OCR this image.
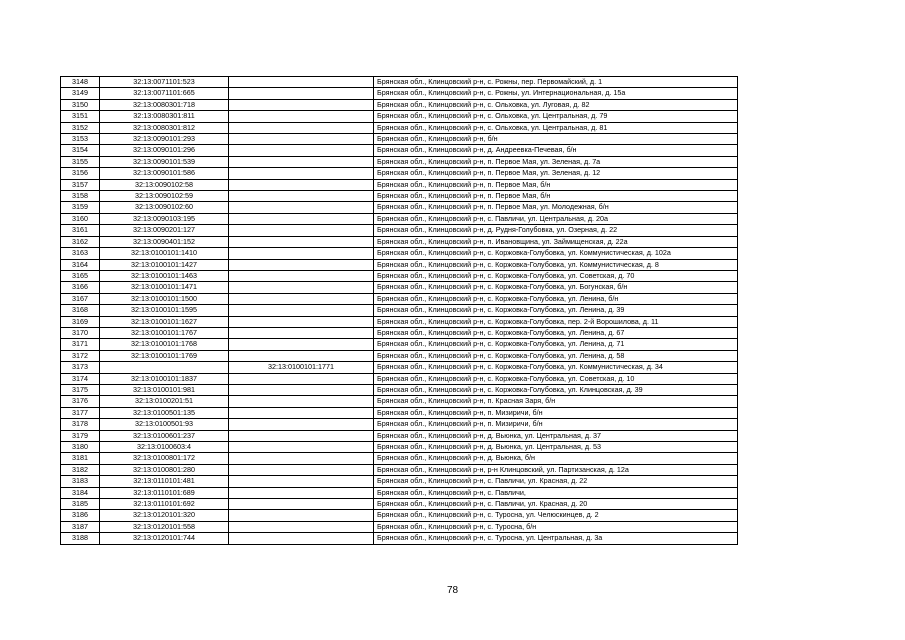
3148	32:13:0071101:523		Брянская обл., Клинцовский р-н, с. Рожны, пер. Первомайский, д. 1
3149	32:13:0071101:665		Брянская обл., Клинцовский р-н, с. Рожны, ул. Интернациональная, д. 15а
3150	32:13:0080301:718		Брянская обл., Клинцовский р-н, с. Ольховка, ул. Луговая, д. 82
3151	32:13:0080301:811		Брянская обл., Клинцовский р-н, с. Ольховка, ул. Центральная, д. 79
3152	32:13:0080301:812		Брянская обл., Клинцовский р-н, с. Ольховка, ул. Центральная, д. 81
3153	32:13:0090101:293		Брянская обл., Клинцовский р-н, б/н
3154	32:13:0090101:296		Брянская обл., Клинцовский р-н, д. Андреевка-Печевая, б/н
3155	32:13:0090101:539		Брянская обл., Клинцовский р-н, п. Первое Мая, ул. Зеленая, д. 7а
3156	32:13:0090101:586		Брянская обл., Клинцовский р-н, п. Первое Мая, ул. Зеленая, д. 12
3157	32:13:0090102:58		Брянская обл., Клинцовский р-н, п. Первое Мая, б/н
3158	32:13:0090102:59		Брянская обл., Клинцовский р-н, п. Первое Мая, б/н
3159	32:13:0090102:60		Брянская обл., Клинцовский р-н, п. Первое Мая, ул. Молодежная, б/н
3160	32:13:0090103:195		Брянская обл., Клинцовский р-н, с. Павличи, ул. Центральная, д. 20а
3161	32:13:0090201:127		Брянская обл., Клинцовский р-н, д. Рудня-Голубовка, ул. Озерная, д. 22
3162	32:13:0090401:152		Брянская обл., Клинцовский р-н, п. Ивановщина, ул. Займищенская, д. 22а
3163	32:13:0100101:1410		Брянская обл., Клинцовский р-н, с. Коржовка-Голубовка, ул. Коммунистическая, д. 102а
3164	32:13:0100101:1427		Брянская обл., Клинцовский р-н, с. Коржовка-Голубовка, ул. Коммунистическая, д. 8
3165	32:13:0100101:1463		Брянская обл., Клинцовский р-н, с. Коржовка-Голубовка, ул. Советская, д. 70
3166	32:13:0100101:1471		Брянская обл., Клинцовский р-н, с. Коржовка-Голубовка, ул. Богунская, б/н
3167	32:13:0100101:1500		Брянская обл., Клинцовский р-н, с. Коржовка-Голубовка, ул. Ленина, б/н
3168	32:13:0100101:1595		Брянская обл., Клинцовский р-н, с. Коржовка-Голубовка, ул. Ленина, д. 39
3169	32:13:0100101:1627		Брянская обл., Клинцовский р-н, с. Коржовка-Голубовка, пер. 2-й Ворошилова, д. 11
3170	32:13:0100101:1767		Брянская обл., Клинцовский р-н, с. Коржовка-Голубовка, ул. Ленина, д. 67
3171	32:13:0100101:1768		Брянская обл., Клинцовский р-н, с. Коржовка-Голубовка, ул. Ленина, д. 71
3172	32:13:0100101:1769		Брянская обл., Клинцовский р-н, с. Коржовка-Голубовка, ул. Ленина, д. 58
3173		32:13:0100101:1771	Брянская обл., Клинцовский р-н, с. Коржовка-Голубовка, ул. Коммунистическая, д. 34
3174	32:13:0100101:1837		Брянская обл., Клинцовский р-н, с. Коржовка-Голубовка, ул. Советская, д. 10
3175	32:13:0100101:981		Брянская обл., Клинцовский р-н, с. Коржовка-Голубовка, ул. Клинцовская, д. 39
3176	32:13:0100201:51		Брянская обл., Клинцовский р-н, п. Красная Заря, б/н
3177	32:13:0100501:135		Брянская обл., Клинцовский р-н, п. Мизиричи, б/н
3178	32:13:0100501:93		Брянская обл., Клинцовский р-н, п. Мизиричи, б/н
3179	32:13:0100601:237		Брянская обл., Клинцовский р-н, д. Вьюнка, ул. Центральная, д. 37
3180	32:13:0100603:4		Брянская обл., Клинцовский р-н, д. Вьюнка, ул. Центральная, д. 53
3181	32:13:0100801:172		Брянская обл., Клинцовский р-н, д. Вьюнка, б/н
3182	32:13:0100801:280		Брянская обл., Клинцовский р-н, р-н Клинцовский, ул. Партизанская, д. 12а
3183	32:13:0110101:481		Брянская обл., Клинцовский р-н, с. Павличи, ул. Красная, д. 22
3184	32:13:0110101:689		Брянская обл., Клинцовский р-н, с. Павличи,
3185	32:13:0110101:692		Брянская обл., Клинцовский р-н, с. Павличи, ул. Красная, д. 20
3186	32:13:0120101:320		Брянская обл., Клинцовский р-н, с. Туросна, ул. Челюскинцев, д. 2
3187	32:13:0120101:558		Брянская обл., Клинцовский р-н, с. Туросна, б/н
3188	32:13:0120101:744		Брянская обл., Клинцовский р-н, с. Туросна, ул. Центральная, д. 3а
78
